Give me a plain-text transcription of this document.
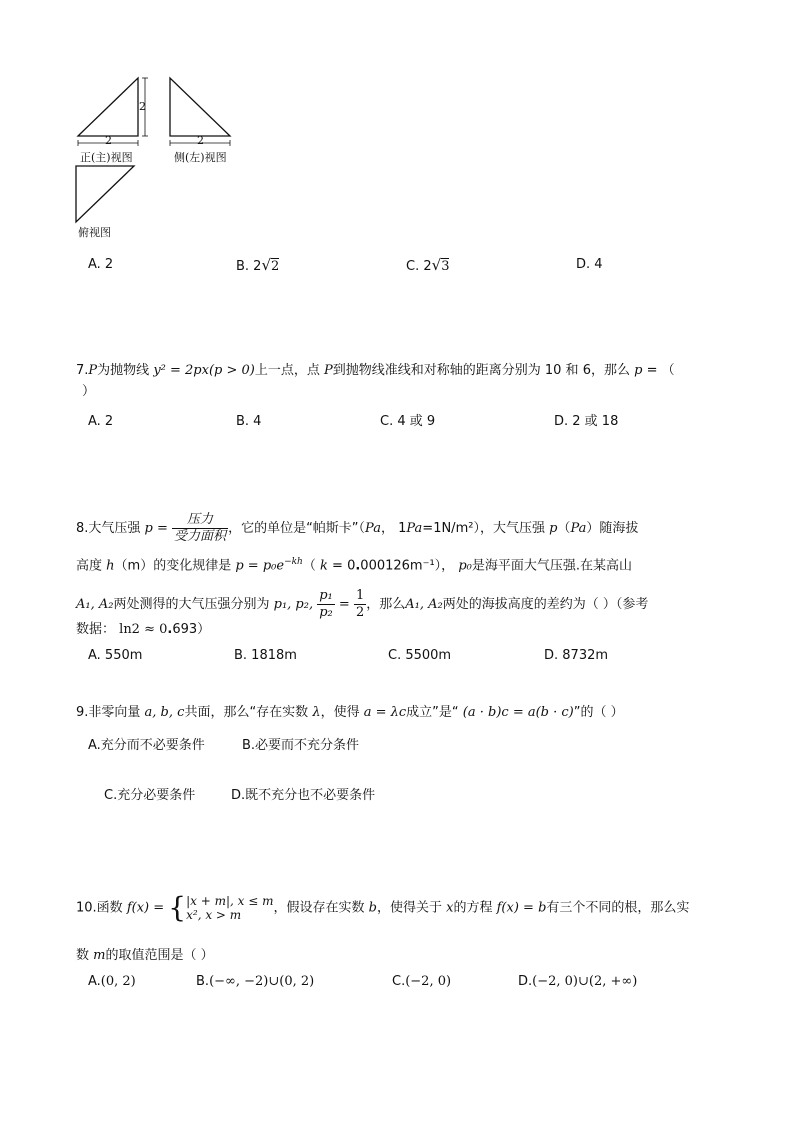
2
2	2
正(主)视图	侧(左)视图
俯视图
A. 2	B. 2√2	C. 2√3	D. 4
7.P为抛物线 y² = 2px(p > 0)上一点，点 P到抛物线准线和对称轴的距离分别为 10 和 6，那么 p = （
）
A. 2	B. 4	C. 4 或 9	D. 2 或 18
8.大气压强 $p = \frac{\text{压力}}{\text{受力面积}}$ ，它的单位是“帕斯卡”（Pa， 1Pa=1N/m²），大气压强 p（Pa）随海拔
高度 h（m）的变化规律是 $p = p_0e^{-kh}$（ k = 0.000126m⁻¹）， p₀是海平面大气压强.在某高山
A₁, A₂两处测得的大气压强分别为 p₁, p₂, $\frac{\text{p₁}}{\text{p₂}} = \frac{1}{2}$ ，那么A₁, A₂两处的海拔高度的差约为（ ）（参考
数据： ln2 ≈ 0.693）
A. 550m	B. 1818m	C. 5500m	D. 8732m
9.非零向量 a, b, c共面，那么“存在实数 λ，使得 a = λc成立”是“ (a · b)c = a(b · c)”的（ ）
A.充分而不必要条件	B.必要而不充分条件
C.充分必要条件	D.既不充分也不必要条件
10.函数 f(x) = { |x + m|, x ≤ m
x², x > m	，假设存在实数 b，使得关于 x的方程 f(x) = b有三个不同的根，那么实
数 m的取值范围是（ ）
A.(0, 2)	B.(−∞, −2)∪(0, 2)	C.(−2, 0)	D.(−2, 0)∪(2, +∞)
